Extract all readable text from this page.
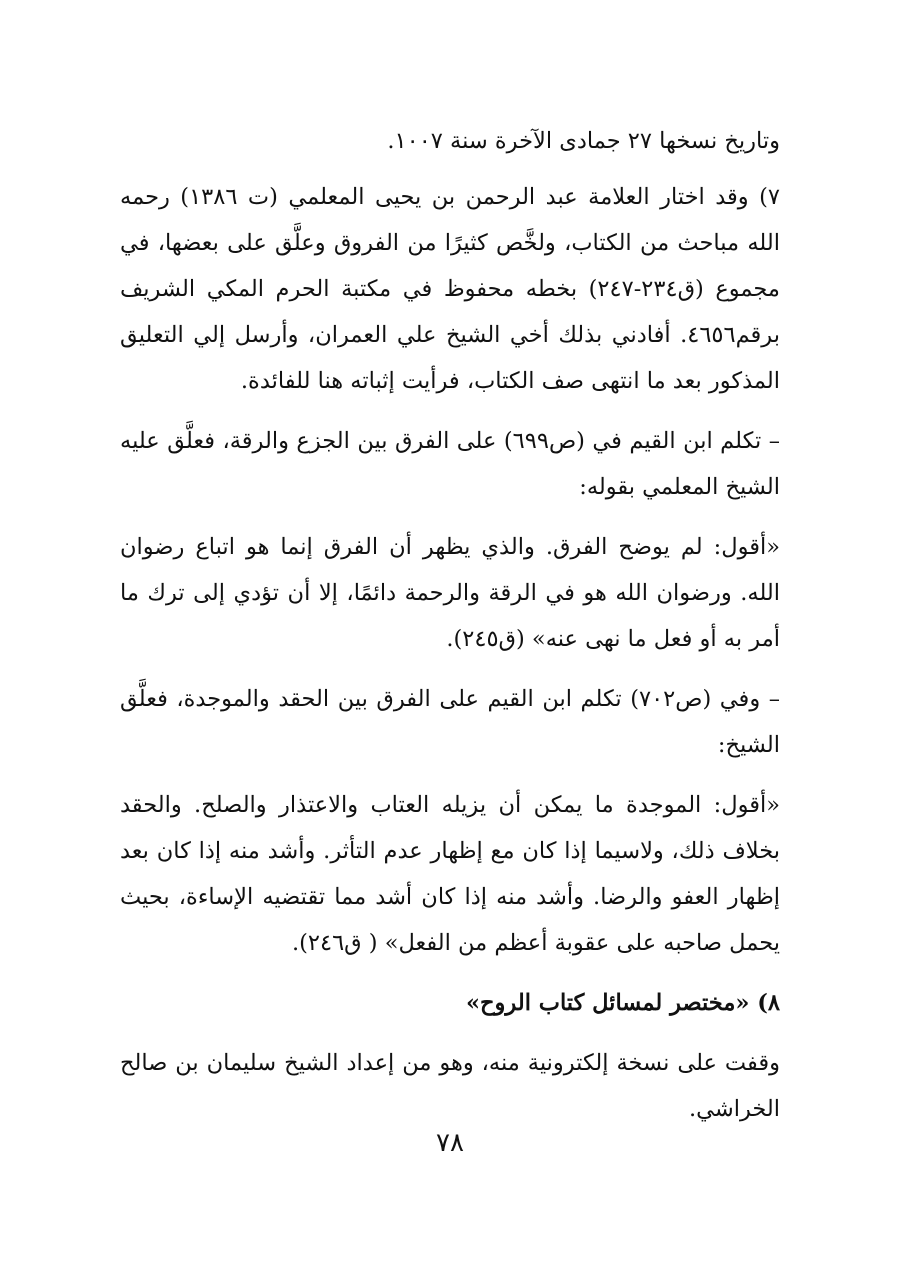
وتاريخ نسخها ٢٧ جمادى الآخرة سنة ١٠٠٧.

٧) وقد اختار العلامة عبد الرحمن بن يحيى المعلمي (ت ١٣٨٦) رحمه الله مباحث من الكتاب، ولخَّص كثيرًا من الفروق وعلَّق على بعضها، في مجموع (ق٢٣٤-٢٤٧) بخطه محفوظ في مكتبة الحرم المكي الشريف برقم٤٦٥٦. أفادني بذلك أخي الشيخ علي العمران، وأرسل إلي التعليق المذكور بعد ما انتهى صف الكتاب، فرأيت إثباته هنا للفائدة.

– تكلم ابن القيم في (ص٦٩٩) على الفرق بين الجزع والرقة، فعلَّق عليه الشيخ المعلمي بقوله:

«أقول: لم يوضح الفرق. والذي يظهر أن الفرق إنما هو اتباع رضوان الله. ورضوان الله هو في الرقة والرحمة دائمًا، إلا أن تؤدي إلى ترك ما أمر به أو فعل ما نهى عنه» (ق٢٤٥).

– وفي (ص٧٠٢) تكلم ابن القيم على الفرق بين الحقد والموجدة، فعلَّق الشيخ:

«أقول: الموجدة ما يمكن أن يزيله العتاب والاعتذار والصلح. والحقد بخلاف ذلك، ولاسيما إذا كان مع إظهار عدم التأثر. وأشد منه إذا كان بعد إظهار العفو والرضا. وأشد منه إذا كان أشد مما تقتضيه الإساءة، بحيث يحمل صاحبه على عقوبة أعظم من الفعل» ( ق٢٤٦).

٨) «مختصر لمسائل كتاب الروح»

وقفت على نسخة إلكترونية منه، وهو من إعداد الشيخ سليمان بن صالح الخراشي.

٧٨
